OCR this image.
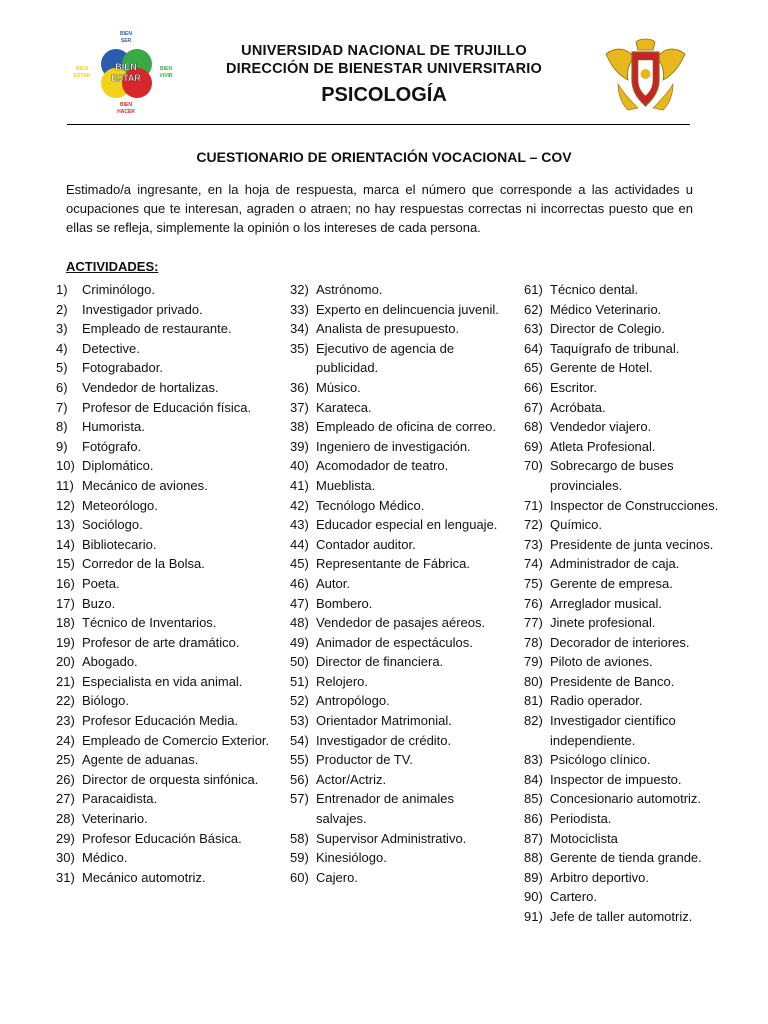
BIEN
ESTAR
BIEN
SER
BIEN
ESTAR
BIEN
VIVIR
BIEN
HACER
UNIVERSIDAD NACIONAL DE TRUJILLO
DIRECCIÓN DE BIENESTAR UNIVERSITARIO
PSICOLOGÍA
CUESTIONARIO DE ORIENTACIÓN VOCACIONAL – COV
Estimado/a ingresante, en la hoja de respuesta, marca el número que corresponde a las actividades u ocupaciones que te interesan, agraden o atraen; no hay respuestas correctas ni incorrectas puesto que en ellas se refleja, simplemente la opinión o los intereses de cada persona.
ACTIVIDADES:
1)	Criminólogo.
2)	Investigador privado.
3)	Empleado de restaurante.
4)	Detective.
5)	Fotograbador.
6)	Vendedor de hortalizas.
7)	Profesor de Educación física.
8)	Humorista.
9)	Fotógrafo.
10) Diplomático.
11) Mecánico de aviones.
12) Meteorólogo.
13) Sociólogo.
14) Bibliotecario.
15) Corredor de la Bolsa.
16) Poeta.
17) Buzo.
18) Técnico de Inventarios.
19) Profesor de arte dramático.
20) Abogado.
21) Especialista en vida animal.
22) Biólogo.
23) Profesor Educación Media.
24) Empleado de Comercio Exterior.
25) Agente de aduanas.
26) Director de orquesta sinfónica.
27) Paracaidista.
28) Veterinario.
29) Profesor Educación Básica.
30) Médico.
31) Mecánico automotriz.
32) Astrónomo.
33) Experto en delincuencia juvenil.
34) Analista de presupuesto.
35) Ejecutivo de agencia de publicidad.
36) Músico.
37) Karateca.
38) Empleado de oficina de correo.
39) Ingeniero de investigación.
40) Acomodador de teatro.
41) Mueblista.
42) Tecnólogo Médico.
43) Educador especial en lenguaje.
44) Contador auditor.
45) Representante de Fábrica.
46) Autor.
47) Bombero.
48) Vendedor de pasajes aéreos.
49) Animador de espectáculos.
50) Director de financiera.
51) Relojero.
52) Antropólogo.
53) Orientador Matrimonial.
54) Investigador de crédito.
55) Productor de TV.
56) Actor/Actriz.
57) Entrenador de animales salvajes.
58) Supervisor Administrativo.
59) Kinesiólogo.
60) Cajero.
61) Técnico dental.
62) Médico Veterinario.
63) Director de Colegio.
64) Taquígrafo de tribunal.
65) Gerente de Hotel.
66) Escritor.
67) Acróbata.
68) Vendedor viajero.
69) Atleta Profesional.
70) Sobrecargo de buses provinciales.
71) Inspector de Construcciones.
72) Químico.
73) Presidente de junta vecinos.
74) Administrador de caja.
75) Gerente de empresa.
76) Arreglador musical.
77) Jinete profesional.
78) Decorador de interiores.
79) Piloto de aviones.
80) Presidente de Banco.
81) Radio operador.
82) Investigador científico independiente.
83) Psicólogo clínico.
84) Inspector de impuesto.
85) Concesionario automotriz.
86) Periodista.
87) Motociclista
88) Gerente de tienda grande.
89) Arbitro deportivo.
90) Cartero.
91) Jefe de taller automotriz.
